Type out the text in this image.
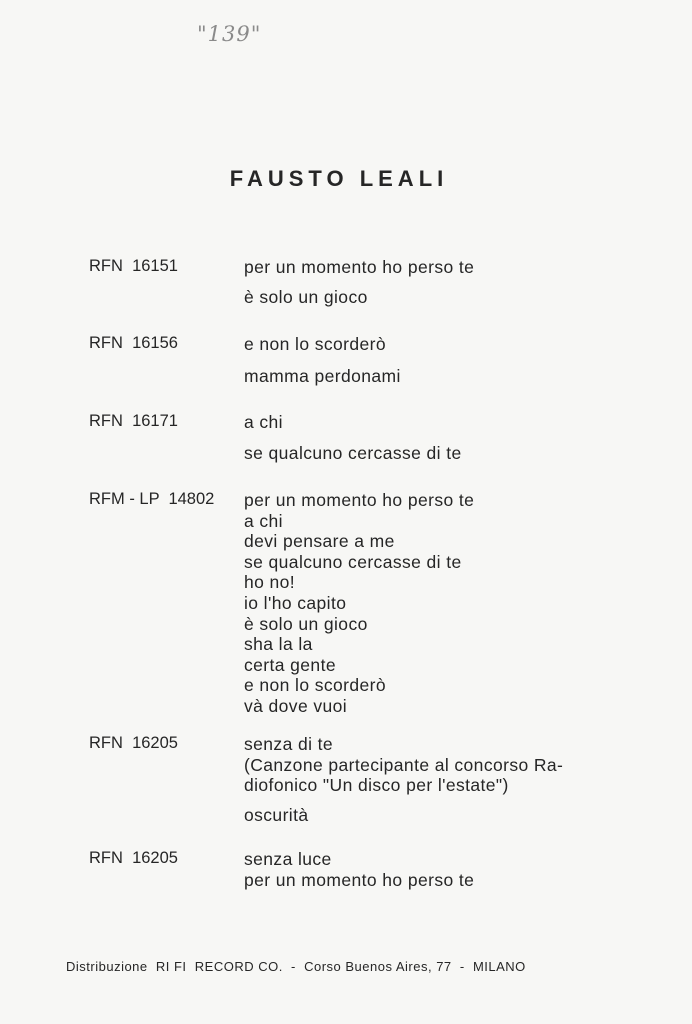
"139"
FAUSTO LEALI
RFN  16151	per un momento ho perso te
è solo un gioco
RFN  16156	e non lo scorderò
mamma perdonami
RFN  16171	a chi
se qualcuno cercasse di te
RFM - LP  14802 per un momento ho perso te
a chi
devi pensare a me
se qualcuno cercasse di te
ho no!
io l'ho capito
è solo un gioco
sha la la
certa gente
e non lo scorderò
và dove vuoi
RFN  16205	senza di te
(Canzone partecipante al concorso Ra-
diofonico "Un disco per l'estate")
oscurità
RFN  16205	senza luce
per un momento ho perso te
Distribuzione  RI FI  RECORD CO.  -  Corso Buenos Aires, 77  -  MILANO
